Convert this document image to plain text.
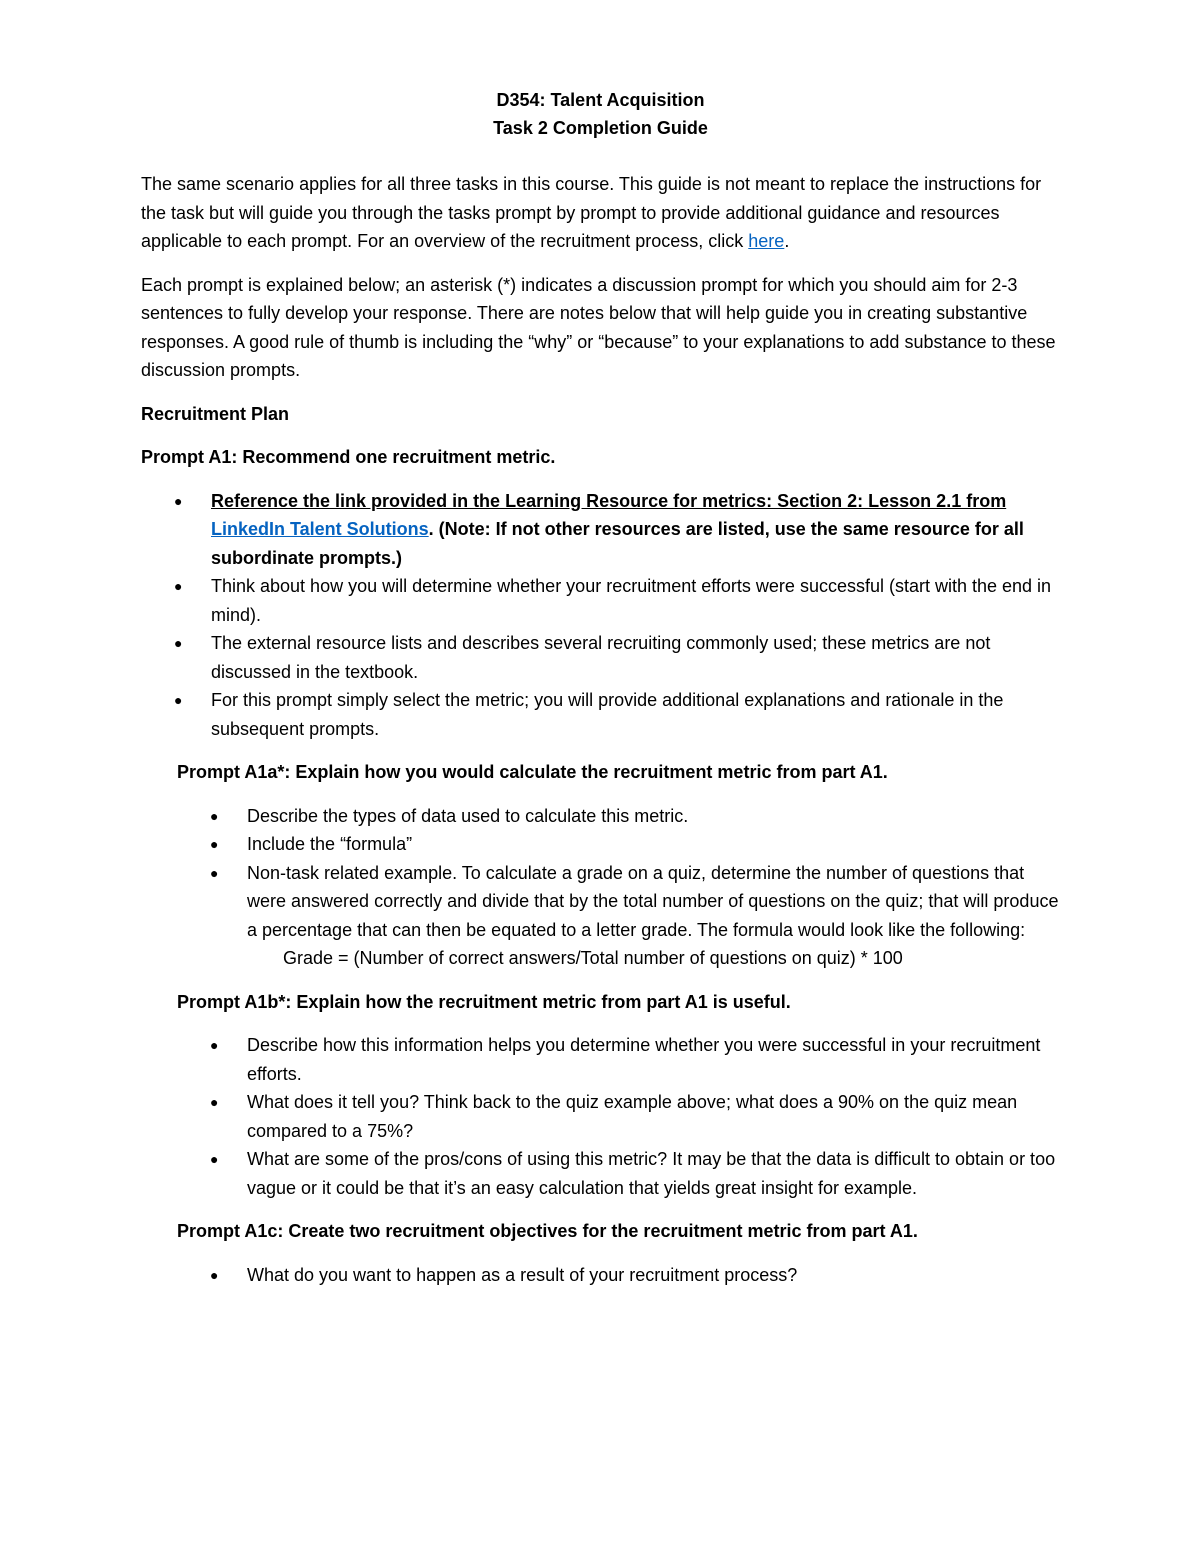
D354: Talent Acquisition
Task 2 Completion Guide

The same scenario applies for all three tasks in this course. This guide is not meant to replace the instructions for the task but will guide you through the tasks prompt by prompt to provide additional guidance and resources applicable to each prompt. For an overview of the recruitment process, click here.

Each prompt is explained below; an asterisk (*) indicates a discussion prompt for which you should aim for 2-3 sentences to fully develop your response. There are notes below that will help guide you in creating substantive responses. A good rule of thumb is including the “why” or “because” to your explanations to add substance to these discussion prompts.

Recruitment Plan
Prompt A1: Recommend one recruitment metric.
● Reference the link provided in the Learning Resource for metrics: Section 2: Lesson 2.1 from LinkedIn Talent Solutions. (Note: If not other resources are listed, use the same resource for all subordinate prompts.)
● Think about how you will determine whether your recruitment efforts were successful (start with the end in mind).
● The external resource lists and describes several recruiting commonly used; these metrics are not discussed in the textbook.
● For this prompt simply select the metric; you will provide additional explanations and rationale in the subsequent prompts.
Prompt A1a*: Explain how you would calculate the recruitment metric from part A1.
● Describe the types of data used to calculate this metric.
● Include the “formula”
● Non-task related example. To calculate a grade on a quiz, determine the number of questions that were answered correctly and divide that by the total number of questions on the quiz; that will produce a percentage that can then be equated to a letter grade. The formula would look like the following:
Grade = (Number of correct answers/Total number of questions on quiz) * 100
Prompt A1b*: Explain how the recruitment metric from part A1 is useful.
● Describe how this information helps you determine whether you were successful in your recruitment efforts.
● What does it tell you? Think back to the quiz example above; what does a 90% on the quiz mean compared to a 75%?
● What are some of the pros/cons of using this metric? It may be that the data is difficult to obtain or too vague or it could be that it’s an easy calculation that yields great insight for example.
Prompt A1c: Create two recruitment objectives for the recruitment metric from part A1.
● What do you want to happen as a result of your recruitment process?
